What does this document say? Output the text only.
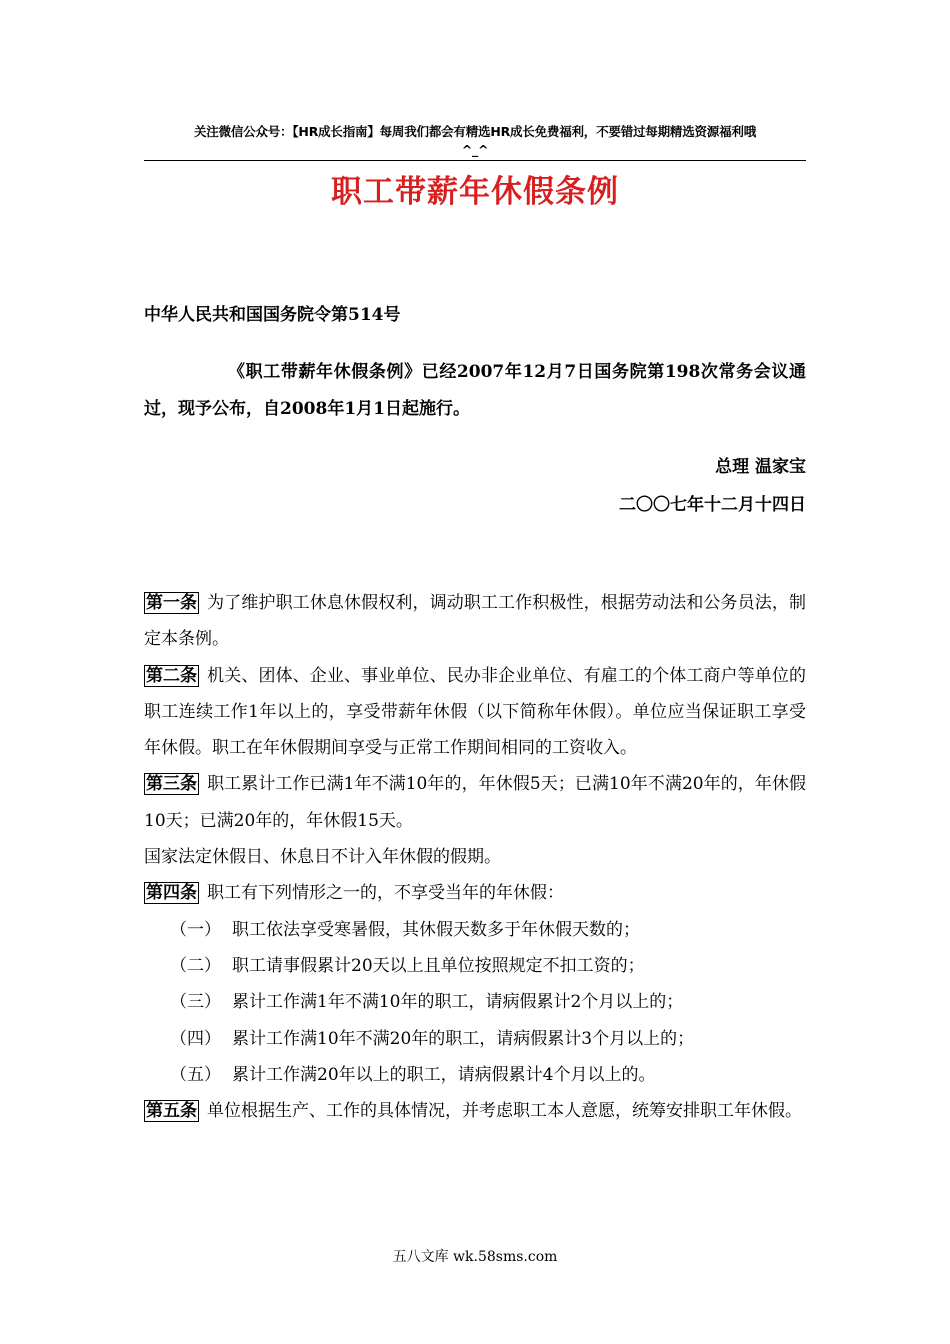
关注微信公众号：【HR成长指南】每周我们都会有精选HR成长免费福利，不要错过每期精选资源福利哦
^_^
职工带薪年休假条例
中华人民共和国国务院令第514号

《职工带薪年休假条例》已经2007年12月7日国务院第198次常务会议通过，现予公布，自2008年1月1日起施行。

总理 温家宝
二〇〇七年十二月十四日

第一条 为了维护职工休息休假权利，调动职工工作积极性，根据劳动法和公务员法，制定本条例。

第二条 机关、团体、企业、事业单位、民办非企业单位、有雇工的个体工商户等单位的职工连续工作1年以上的，享受带薪年休假（以下简称年休假）。单位应当保证职工享受年休假。职工在年休假期间享受与正常工作期间相同的工资收入。

第三条 职工累计工作已满1年不满10年的，年休假5天；已满10年不满20年的，年休假10天；已满20年的，年休假15天。

国家法定休假日、休息日不计入年休假的假期。

第四条 职工有下列情形之一的，不享受当年的年休假：

（一） 职工依法享受寒暑假，其休假天数多于年休假天数的；

（二） 职工请事假累计20天以上且单位按照规定不扣工资的；

（三） 累计工作满1年不满10年的职工，请病假累计2个月以上的；

（四） 累计工作满10年不满20年的职工，请病假累计3个月以上的；

（五） 累计工作满20年以上的职工，请病假累计4个月以上的。

第五条 单位根据生产、工作的具体情况，并考虑职工本人意愿，统筹安排职工年休假。

五八文库 wk.58sms.com
